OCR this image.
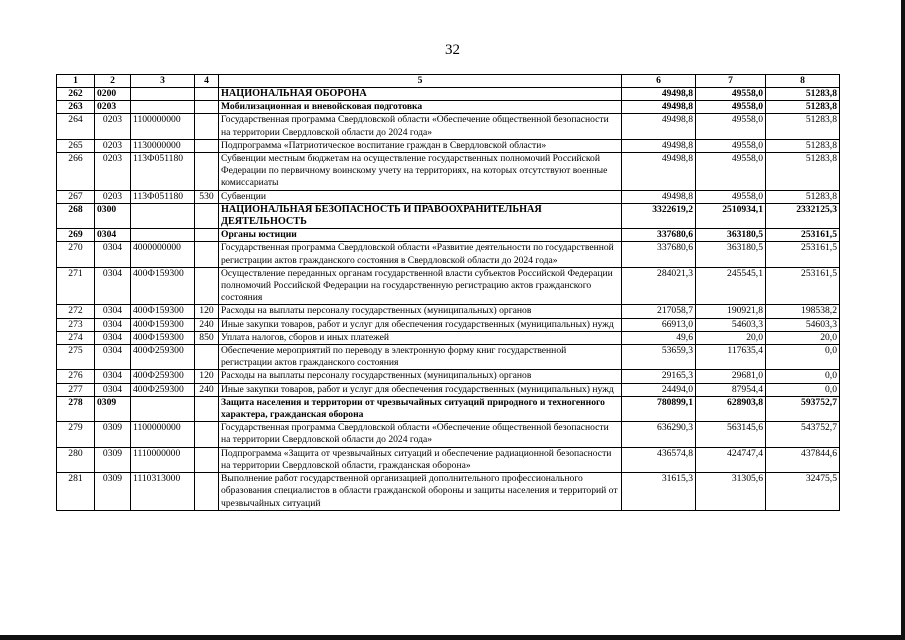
32
1	2	3	4	5	6	7	8
262	0200			НАЦИОНАЛЬНАЯ ОБОРОНА	49498,8	49558,0	51283,8
263	0203			Мобилизационная и вневойсковая подготовка	49498,8	49558,0	51283,8
264	0203	1100000000		Государственная программа Свердловской области «Обеспечение общественной безопасности на территории Свердловской области до 2024 года»	49498,8	49558,0	51283,8
265	0203	1130000000		Подпрограмма «Патриотическое воспитание граждан в Свердловской области»	49498,8	49558,0	51283,8
266	0203	113Ф051180		Субвенции местным бюджетам на осуществление государственных полномочий Российской Федерации по первичному воинскому учету на территориях, на которых отсутствуют военные комиссариаты	49498,8	49558,0	51283,8
267	0203	113Ф051180	530	Субвенции	49498,8	49558,0	51283,8
268	0300			НАЦИОНАЛЬНАЯ БЕЗОПАСНОСТЬ И ПРАВООХРАНИТЕЛЬНАЯ ДЕЯТЕЛЬНОСТЬ	3322619,2	2510934,1	2332125,3
269	0304			Органы юстиции	337680,6	363180,5	253161,5
270	0304	4000000000		Государственная программа Свердловской области «Развитие деятельности по государственной регистрации актов гражданского состояния в Свердловской области до 2024 года»	337680,6	363180,5	253161,5
271	0304	400Ф159300		Осуществление переданных органам государственной власти субъектов Российской Федерации полномочий Российской Федерации на государственную регистрацию актов гражданского состояния	284021,3	245545,1	253161,5
272	0304	400Ф159300	120	Расходы на выплаты персоналу государственных (муниципальных) органов	217058,7	190921,8	198538,2
273	0304	400Ф159300	240	Иные закупки товаров, работ и услуг для обеспечения государственных (муниципальных) нужд	66913,0	54603,3	54603,3
274	0304	400Ф159300	850	Уплата налогов, сборов и иных платежей	49,6	20,0	20,0
275	0304	400Ф259300		Обеспечение мероприятий по переводу в электронную форму книг государственной регистрации актов гражданского состояния	53659,3	117635,4	0,0
276	0304	400Ф259300	120	Расходы на выплаты персоналу государственных (муниципальных) органов	29165,3	29681,0	0,0
277	0304	400Ф259300	240	Иные закупки товаров, работ и услуг для обеспечения государственных (муниципальных) нужд	24494,0	87954,4	0,0
278	0309			Защита населения и территории от чрезвычайных ситуаций природного и техногенного характера, гражданская оборона	780899,1	628903,8	593752,7
279	0309	1100000000		Государственная программа Свердловской области «Обеспечение общественной безопасности на территории Свердловской области до 2024 года»	636290,3	563145,6	543752,7
280	0309	1110000000		Подпрограмма «Защита от чрезвычайных ситуаций и обеспечение радиационной безопасности на территории Свердловской области, гражданская оборона»	436574,8	424747,4	437844,6
281	0309	1110313000		Выполнение работ государственной организацией дополнительного профессионального образования специалистов в области гражданской обороны и защиты населения и территорий от чрезвычайных ситуаций	31615,3	31305,6	32475,5
